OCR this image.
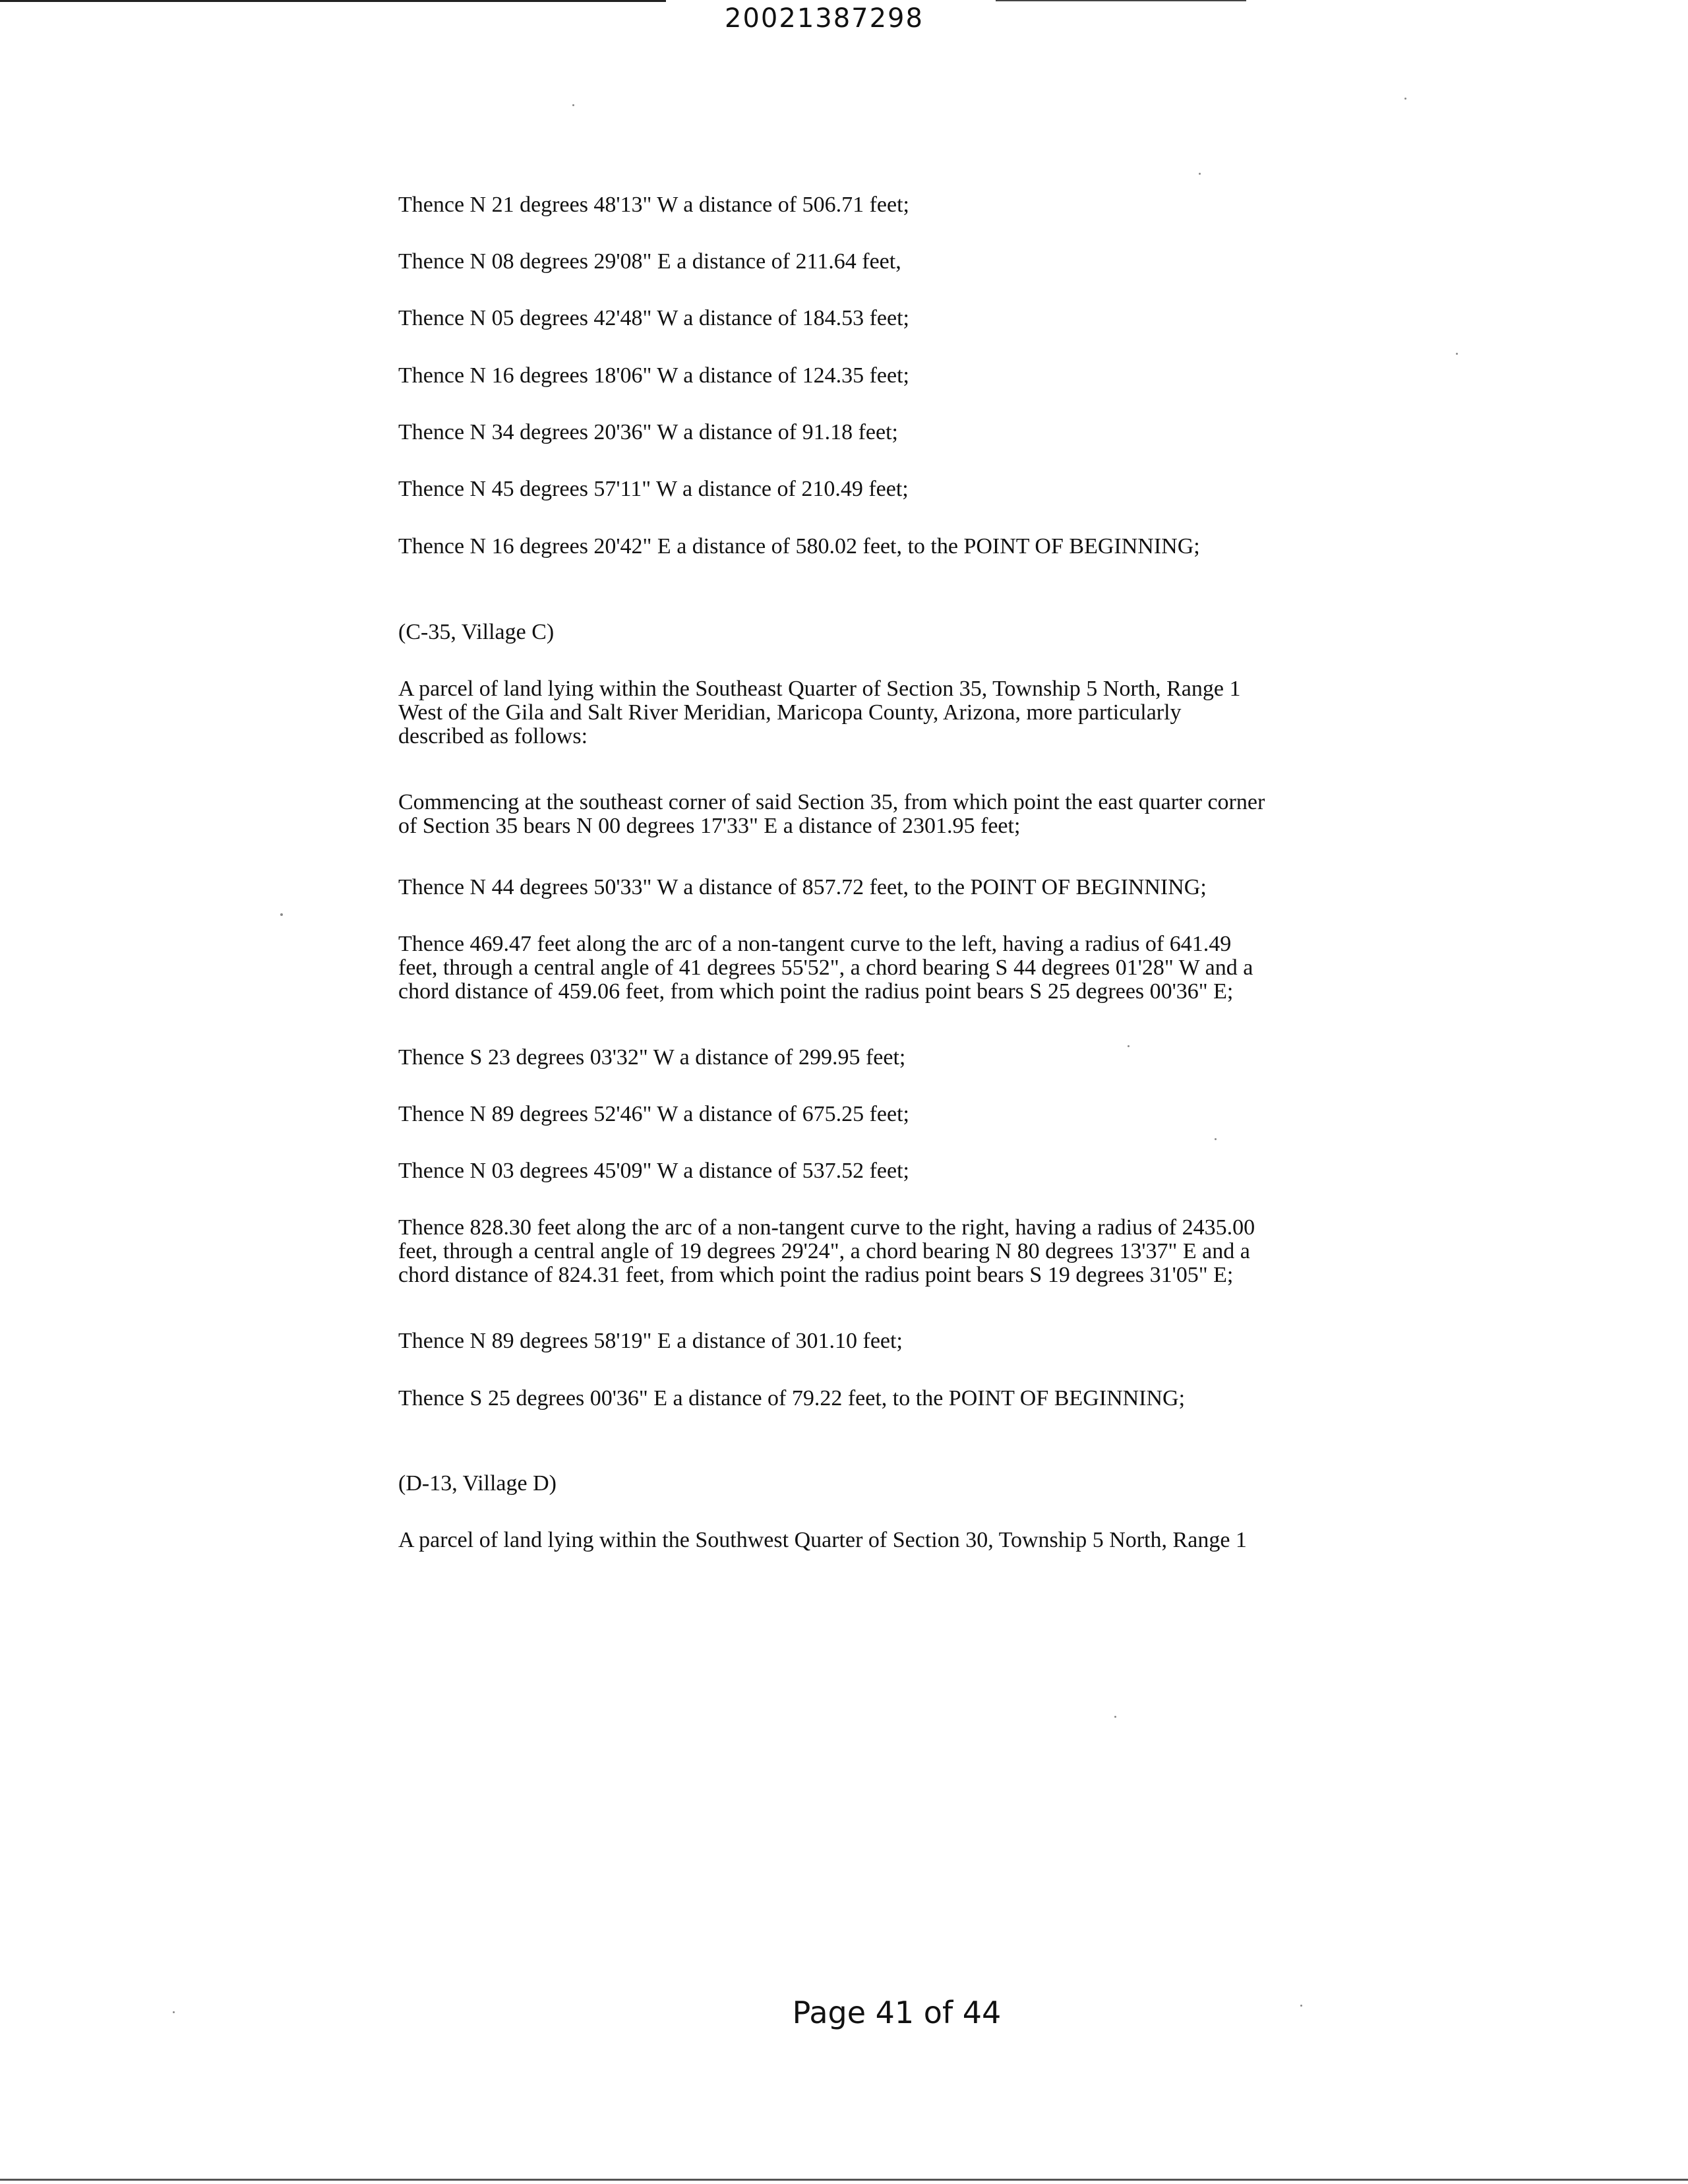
20021387298
Thence N 21 degrees 48'13" W a distance of 506.71 feet;
Thence N 08 degrees 29'08" E a distance of 211.64 feet,
Thence N 05 degrees 42'48" W a distance of 184.53 feet;
Thence N 16 degrees 18'06" W a distance of 124.35 feet;
Thence N 34 degrees 20'36" W a distance of 91.18 feet;
Thence N 45 degrees 57'11" W a distance of 210.49 feet;
Thence N 16 degrees 20'42" E a distance of 580.02 feet, to the POINT OF BEGINNING;
(C-35, Village C)
A parcel of land lying within the Southeast Quarter of Section 35, Township 5 North, Range 1
West of the Gila and Salt River Meridian, Maricopa County, Arizona, more particularly
described as follows:
Commencing at the southeast corner of said Section 35, from which point the east quarter corner
of Section 35 bears N 00 degrees 17'33" E a distance of 2301.95 feet;
Thence N 44 degrees 50'33" W a distance of 857.72 feet, to the POINT OF BEGINNING;
Thence 469.47 feet along the arc of a non-tangent curve to the left, having a radius of 641.49
feet, through a central angle of 41 degrees 55'52", a chord bearing S 44 degrees 01'28" W and a
chord distance of 459.06 feet, from which point the radius point bears S 25 degrees 00'36" E;
Thence S 23 degrees 03'32" W a distance of 299.95 feet;
Thence N 89 degrees 52'46" W a distance of 675.25 feet;
Thence N 03 degrees 45'09" W a distance of 537.52 feet;
Thence 828.30 feet along the arc of a non-tangent curve to the right, having a radius of 2435.00
feet, through a central angle of 19 degrees 29'24", a chord bearing N 80 degrees 13'37" E and a
chord distance of 824.31 feet, from which point the radius point bears S 19 degrees 31'05" E;
Thence N 89 degrees 58'19" E a distance of 301.10 feet;
Thence S 25 degrees 00'36" E a distance of 79.22 feet, to the POINT OF BEGINNING;
(D-13, Village D)
A parcel of land lying within the Southwest Quarter of Section 30, Township 5 North, Range 1
Page 41 of 44
